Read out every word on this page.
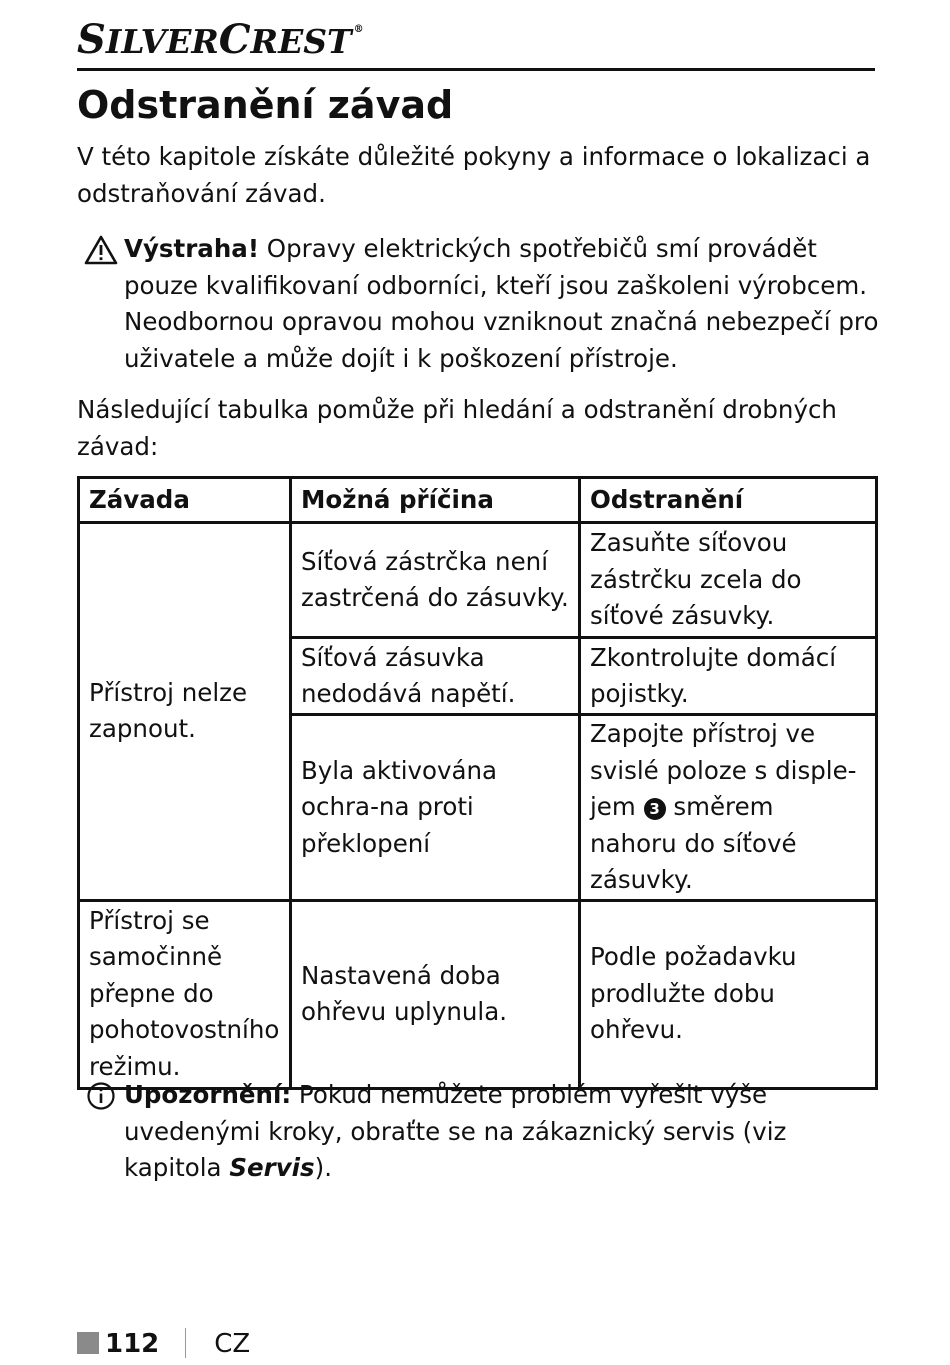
SILVERCREST ®
Odstranění závad

V této kapitole získáte důležité pokyny a informace o lokalizaci a odstraňování závad.

Výstraha! Opravy elektrických spotřebičů smí provádět pouze kvalifikovaní odborníci, kteří jsou zaškoleni výrobcem. Neodbornou opravou mohou vzniknout značná nebezpečí pro uživatele a může dojít i k poškození přístroje.

Následující tabulka pomůže při hledání a odstranění drobných závad:

Závada	Možná příčina	Odstranění
Přístroj nelze zapnout.	Síťová zástrčka není zastrčená do zásuvky.	Zasuňte síťovou zástrčku zcela do síťové zásuvky.
	Síťová zásuvka nedodává napětí.	Zkontrolujte domácí pojistky.
	Byla aktivována ochra-na proti překlopení	Zapojte přístroj ve svislé poloze s disple-jem 3 směrem nahoru do síťové zásuvky.
Přístroj se samočinně přepne do pohotovostního režimu.	Nastavená doba ohřevu uplynula.	Podle požadavku prodlužte dobu ohřevu.

Upozornění: Pokud nemůžete problém vyřešit výše uvedenými kroky, obraťte se na zákaznický servis (viz kapitola Servis).

112 CZ
